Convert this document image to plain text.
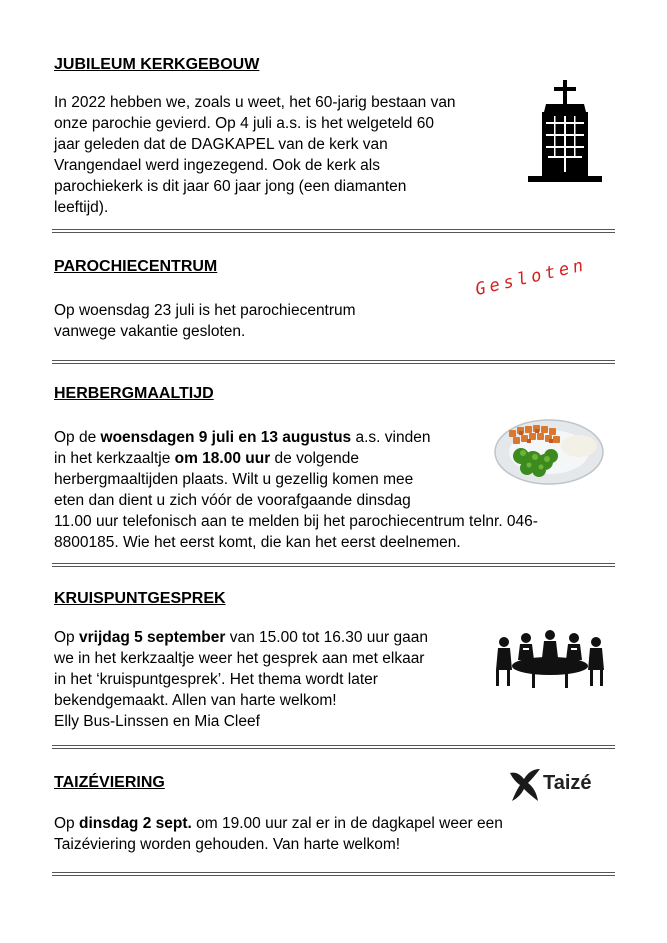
JUBILEUM KERKGEBOUW

In 2022 hebben we, zoals u weet, het 60-jarig bestaan van
onze parochie gevierd. Op 4 juli a.s. is het welgeteld 60
jaar geleden dat de DAGKAPEL van de kerk van
Vrangendael werd ingezegend. Ook de kerk als
parochiekerk is dit jaar 60 jaar jong (een diamanten
leeftijd).

PAROCHIECENTRUM

Op woensdag 23 juli is het parochiecentrum
vanwege vakantie gesloten.

Gesloten
HERBERGMAALTIJD

Op de woensdagen 9 juli en 13 augustus a.s. vinden
in het kerkzaaltje om 18.00 uur de volgende
herbergmaaltijden plaats. Wilt u gezellig komen mee
eten dan dient u zich vóór de voorafgaande dinsdag
11.00 uur telefonisch aan te melden bij het parochiecentrum telnr. 046-
8800185. Wie het eerst komt, die kan het eerst deelnemen.

KRUISPUNTGESPREK

Op vrijdag 5 september van 15.00 tot 16.30 uur gaan
we in het kerkzaaltje weer het gesprek aan met elkaar
in het ‘kruispuntgesprek’. Het thema wordt later
bekendgemaakt. Allen van harte welkom!
Elly Bus-Linssen en Mia Cleef

TAIZÉVIERING	Taizé

Op dinsdag 2 sept. om 19.00 uur zal er in de dagkapel weer een
Taizéviering worden gehouden. Van harte welkom!
